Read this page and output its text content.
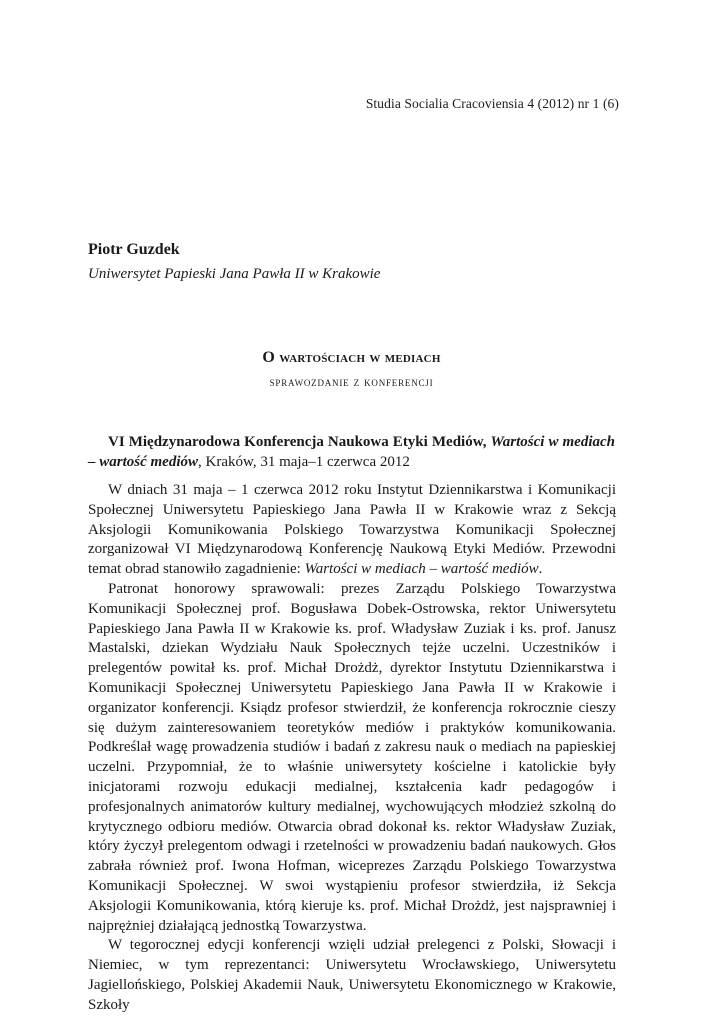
Studia Socialia Cracoviensia 4 (2012) nr 1 (6)
Piotr Guzdek
Uniwersytet Papieski Jana Pawła II w Krakowie
O wartościach w mediach
sprawozdanie z konferencji

VI Międzynarodowa Konferencja Naukowa Etyki Mediów, Wartości w mediach – wartość mediów, Kraków, 31 maja–1 czerwca 2012

W dniach 31 maja – 1 czerwca 2012 roku Instytut Dziennikarstwa i Komunikacji Społecznej Uniwersytetu Papieskiego Jana Pawła II w Krakowie wraz z Sekcją Aksjologii Komunikowania Polskiego Towarzystwa Komunikacji Społecznej zorganizował VI Międzynarodową Konferencję Naukową Etyki Mediów. Przewodni temat obrad stanowiło zagadnienie: Wartości w mediach – wartość mediów.

Patronat honorowy sprawowali: prezes Zarządu Polskiego Towarzystwa Komunikacji Społecznej prof. Bogusława Dobek-Ostrowska, rektor Uniwersytetu Papieskiego Jana Pawła II w Krakowie ks. prof. Władysław Zuziak i ks. prof. Janusz Mastalski, dziekan Wydziału Nauk Społecznych tejże uczelni. Uczestników i prelegentów powitał ks. prof. Michał Drożdż, dyrektor Instytutu Dziennikarstwa i Komunikacji Społecznej Uniwersytetu Papieskiego Jana Pawła II w Krakowie i organizator konferencji. Ksiądz profesor stwierdził, że konferencja rokrocznie cieszy się dużym zainteresowaniem teoretyków mediów i praktyków komunikowania. Podkreślał wagę prowadzenia studiów i badań z zakresu nauk o mediach na papieskiej uczelni. Przypomniał, że to właśnie uniwersytety kościelne i katolickie były inicjatorami rozwoju edukacji medialnej, kształcenia kadr pedagogów i profesjonalnych animatorów kultury medialnej, wychowujących młodzież szkolną do krytycznego odbioru mediów. Otwarcia obrad dokonał ks. rektor Władysław Zuziak, który życzył prelegentom odwagi i rzetelności w prowadzeniu badań naukowych. Głos zabrała również prof. Iwona Hofman, wiceprezes Zarządu Polskiego Towarzystwa Komunikacji Społecznej. W swoi wystąpieniu profesor stwierdziła, iż Sekcja Aksjologii Komunikowania, którą kieruje ks. prof. Michał Drożdż, jest najsprawniej i najprężniej działającą jednostką Towarzystwa.

W tegorocznej edycji konferencji wzięli udział prelegenci z Polski, Słowacji i Niemiec, w tym reprezentanci: Uniwersytetu Wrocławskiego, Uniwersytetu Jagiellońskiego, Polskiej Akademii Nauk, Uniwersytetu Ekonomicznego w Krakowie, Szkoły
